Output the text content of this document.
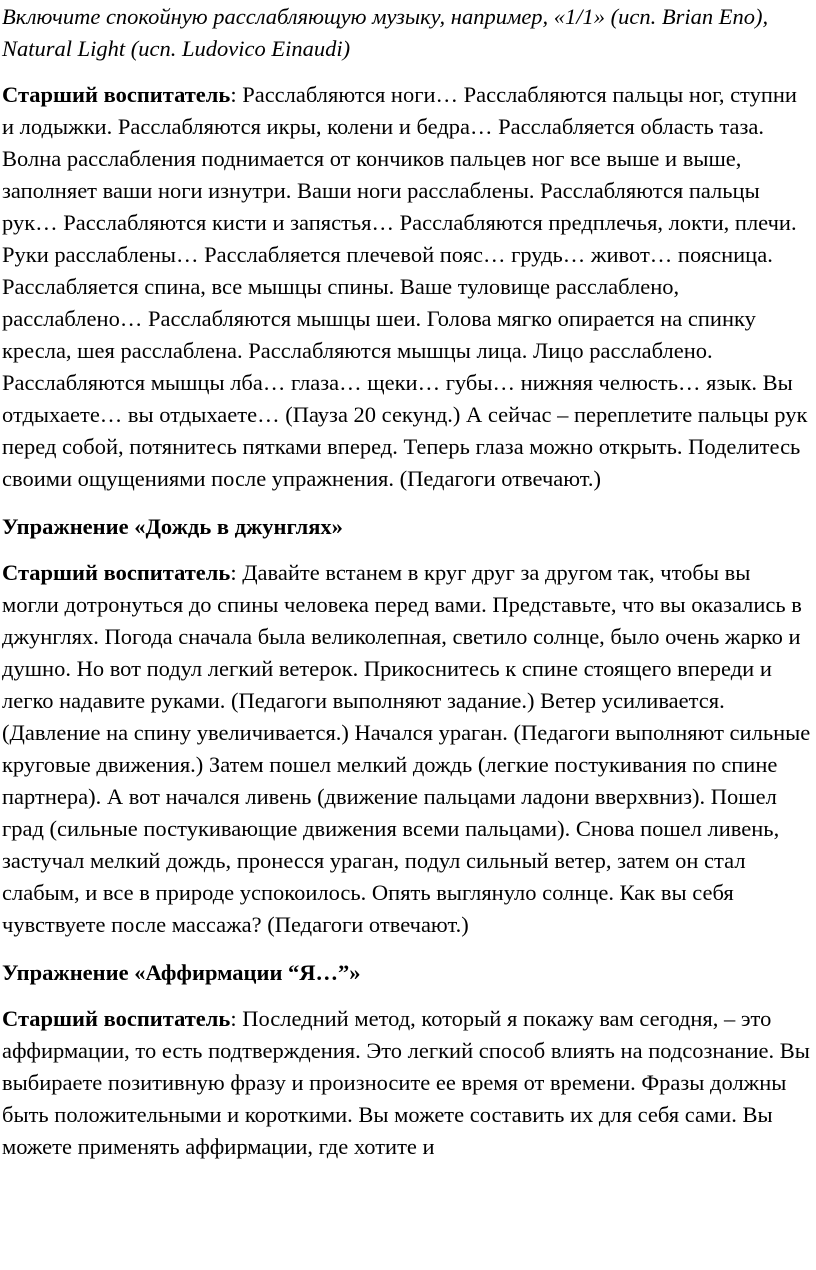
Включите спокойную расслабляющую музыку, например, «1/1» (исп. Brian Eno), Natural Light (исп. Ludovico Einaudi)

Старший воспитатель: Расслабляются ноги… Расслабляются пальцы ног, ступни и лодыжки. Расслабляются икры, колени и бедра… Расслабляется область таза. Волна расслабления поднимается от кончиков пальцев ног все выше и выше, заполняет ваши ноги изнутри. Ваши ноги расслаблены. Расслабляются пальцы рук… Расслабляются кисти и запястья… Расслабляются предплечья, локти, плечи. Руки расслаблены… Расслабляется плечевой пояс… грудь… живот… поясница. Расслабляется спина, все мышцы спины. Ваше туловище расслаблено, расслаблено… Расслабляются мышцы шеи. Голова мягко опирается на спинку кресла, шея расслаблена. Расслабляются мышцы лица. Лицо расслаблено. Расслабляются мышцы лба… глаза… щеки… губы… нижняя челюсть… язык. Вы отдыхаете… вы отдыхаете… (Пауза 20 секунд.) А сейчас – переплетите пальцы рук перед собой, потянитесь пятками вперед. Теперь глаза можно открыть. Поделитесь своими ощущениями после упражнения. (Педагоги отвечают.)

Упражнение «Дождь в джунглях»

Старший воспитатель: Давайте встанем в круг друг за другом так, чтобы вы могли дотронуться до спины человека перед вами. Представьте, что вы оказались в джунглях. Погода сначала была великолепная, светило солнце, было очень жарко и душно. Но вот подул легкий ветерок. Прикоснитесь к спине стоящего впереди и легко надавите руками. (Педагоги выполняют задание.) Ветер усиливается. (Давление на спину увеличивается.) Начался ураган. (Педагоги выполняют сильные круговые движения.) Затем пошел мелкий дождь (легкие постукивания по спине партнера). А вот начался ливень (движение пальцами ладони вверхвниз). Пошел град (сильные постукивающие движения всеми пальцами). Снова пошел ливень, застучал мелкий дождь, пронесся ураган, подул сильный ветер, затем он стал слабым, и все в природе успокоилось. Опять выглянуло солнце. Как вы себя чувствуете после массажа? (Педагоги отвечают.)

Упражнение «Аффирмации “Я…”»

Старший воспитатель: Последний метод, который я покажу вам сегодня, – это аффирмации, то есть подтверждения. Это легкий способ влиять на подсознание. Вы выбираете позитивную фразу и произносите ее время от времени. Фразы должны быть положительными и короткими. Вы можете составить их для себя сами. Вы можете применять аффирмации, где хотите и
